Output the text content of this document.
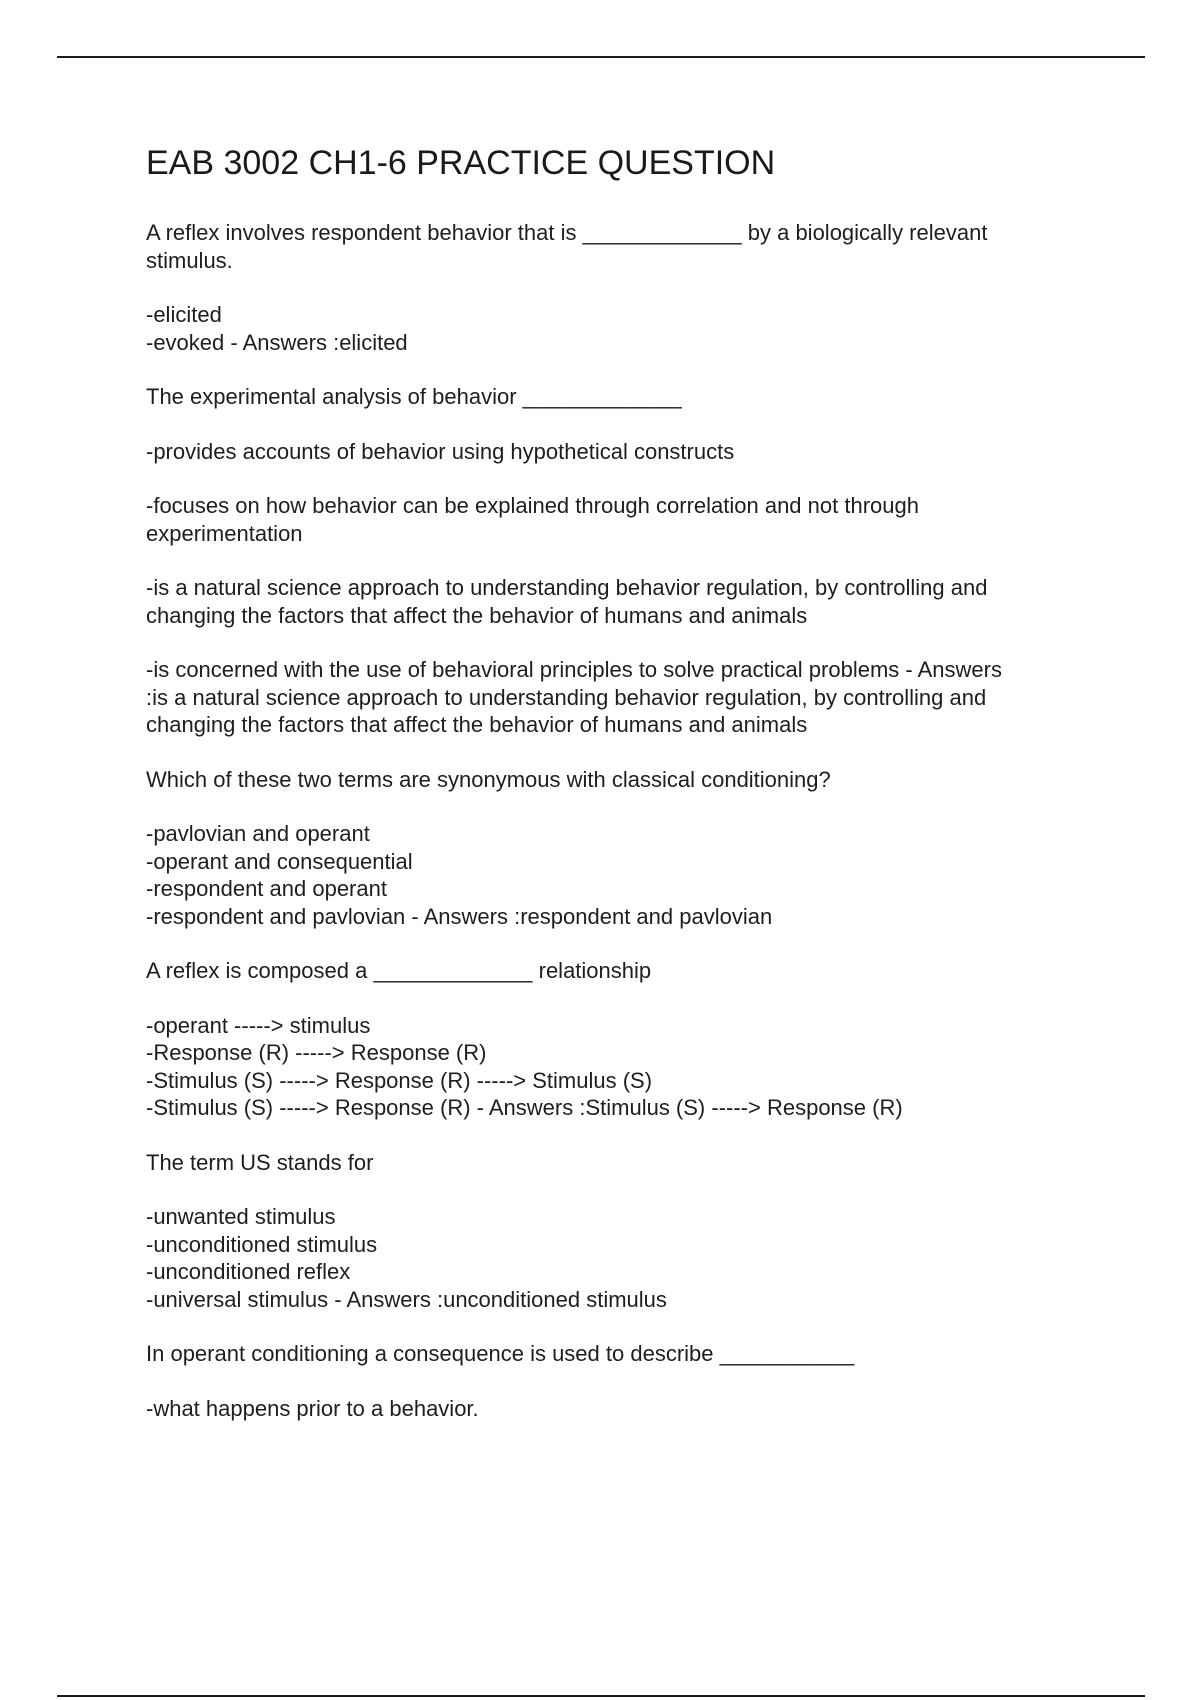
EAB 3002 CH1-6 PRACTICE QUESTION
A reflex involves respondent behavior that is _____________ by a biologically relevant
stimulus.
-elicited
-evoked - Answers :elicited
The experimental analysis of behavior _____________
-provides accounts of behavior using hypothetical constructs
-focuses on how behavior can be explained through correlation and not through
experimentation
-is a natural science approach to understanding behavior regulation, by controlling and
changing the factors that affect the behavior of humans and animals
-is concerned with the use of behavioral principles to solve practical problems - Answers
:is a natural science approach to understanding behavior regulation, by controlling and
changing the factors that affect the behavior of humans and animals
Which of these two terms are synonymous with classical conditioning?
-pavlovian and operant
-operant and consequential
-respondent and operant
-respondent and pavlovian - Answers :respondent and pavlovian
A reflex is composed a _____________ relationship
-operant -----> stimulus
-Response (R) -----> Response (R)
-Stimulus (S) -----> Response (R) -----> Stimulus (S)
-Stimulus (S) -----> Response (R) - Answers :Stimulus (S) -----> Response (R)
The term US stands for
-unwanted stimulus
-unconditioned stimulus
-unconditioned reflex
-universal stimulus - Answers :unconditioned stimulus
In operant conditioning a consequence is used to describe ___________
-what happens prior to a behavior.
